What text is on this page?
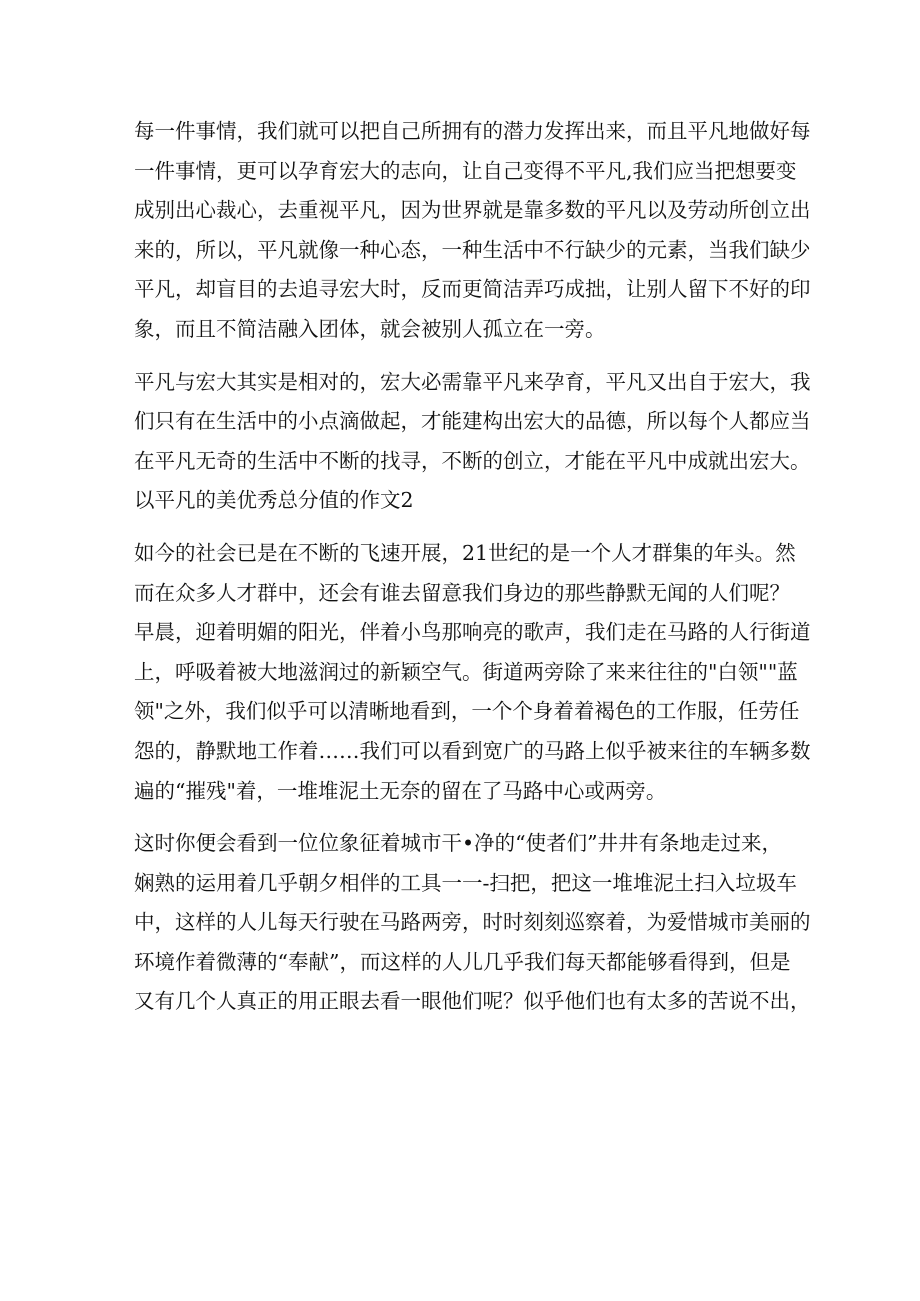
每一件事情，我们就可以把自己所拥有的潜力发挥出来，而且平凡地做好每
一件事情，更可以孕育宏大的志向，让自己变得不平凡,我们应当把想要变
成别出心裁心，去重视平凡，因为世界就是靠多数的平凡以及劳动所创立出
来的，所以，平凡就像一种心态，一种生活中不行缺少的元素，当我们缺少
平凡，却盲目的去追寻宏大时，反而更简洁弄巧成拙，让别人留下不好的印
象，而且不简洁融入团体，就会被别人孤立在一旁。
平凡与宏大其实是相对的，宏大必需靠平凡来孕育，平凡又出自于宏大，我
们只有在生活中的小点滴做起，才能建构出宏大的品德，所以每个人都应当
在平凡无奇的生活中不断的找寻，不断的创立，才能在平凡中成就出宏大。
以平凡的美优秀总分值的作文2
如今的社会已是在不断的飞速开展，21世纪的是一个人才群集的年头。然
而在众多人才群中，还会有谁去留意我们身边的那些静默无闻的人们呢？
早晨，迎着明媚的阳光，伴着小鸟那响亮的歌声，我们走在马路的人行街道
上，呼吸着被大地滋润过的新颖空气。街道两旁除了来来往往的"白领""蓝
领"之外，我们似乎可以清晰地看到，一个个身着着褐色的工作服，任劳任
怨的，静默地工作着……我们可以看到宽广的马路上似乎被来往的车辆多数
遍的“摧残"着，一堆堆泥土无奈的留在了马路中心或两旁。
这时你便会看到一位位象征着城市干•净的“使者们”井井有条地走过来，
娴熟的运用着几乎朝夕相伴的工具一一-扫把，把这一堆堆泥土扫入垃圾车
中，这样的人儿每天行驶在马路两旁，时时刻刻巡察着，为爱惜城市美丽的
环境作着微薄的“奉献”，而这样的人儿几乎我们每天都能够看得到，但是
又有几个人真正的用正眼去看一眼他们呢？似乎他们也有太多的苦说不出，
